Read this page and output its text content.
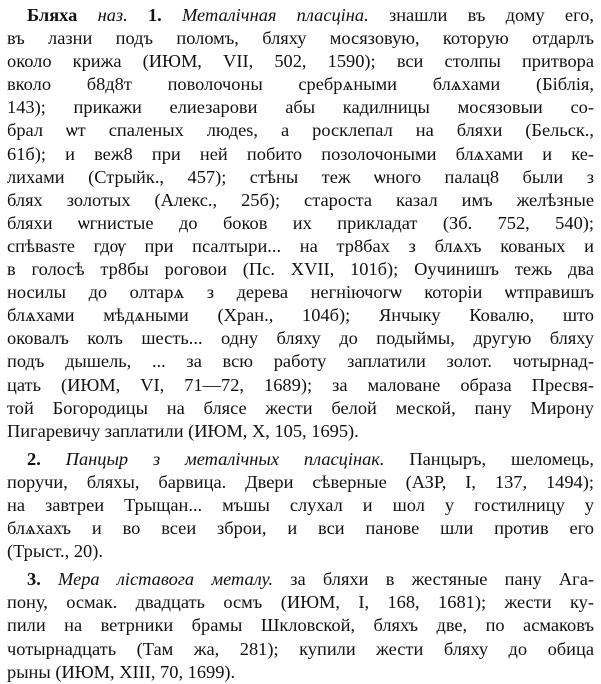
Бляха наз. 1. Металічная пласціна. знашли въ дому его,
въ лазни подъ поломъ, бляху мосязовую, которую отдарлъ
около крижа (ИЮМ, VII, 502, 1590); вси столпы притвора
вколо б8д8т поволочоны сребрѧными блѧхами (Біблія,
143); прикажи елиезарови абы кадилницы мосязовыи со-
брал ѡт спаленых людеѕ, а росклепал на бляхи (Бельск.,
61б); и веж8 при ней побито позолочоными блѧхами и ке-
лихами (Стрыйк., 457); стѣны теж ѡного палац8 были з
блях золотых (Алекс., 25б); староста казал имъ желѣзные
бляхи ѡгнистые до боков их прикладат (Зб. 752, 540);
спѣваѕте гдѹ при псалтыри... на тр8бах з блѧхъ кованых и
в голосѣ тр8бы роговои (Пс. XVII, 101б); Оучинишъ тежь два
носилы до олтарѧ з дерева негнiючогѡ которiи ѡтправишъ
блѧхами мѣдѧными (Хран., 104б); Янчыку Ковалю, што
оковалъ колъ шесть... одну бляху до подыймы, другую бляху
подъ дышель, ... за всю работу заплатили золот. чотырнад-
цать (ИЮМ, VI, 71—72, 1689); за маловане образа Пресвя-
той Богородицы на блясе жести белой меской, пану Мирону
Пигаревичу заплатили (ИЮМ, X, 105, 1695).
2. Панцыр з металічных пласцінак. Панцыръ, шеломець,
поручи, бляхы, барвица. Двери сѣверные (АЗР, I, 137, 1494);
на завтреи Трыщан... мъшы слухал и шол у гостилницу у
блѧхахъ и во всеи зброи, и вси панове шли против его
(Трыст., 20).
3. Мера ліставога металу. за бляхи в жестяные пану Ага-
пону, осмак. двадцать осмъ (ИЮМ, I, 168, 1681); жести ку-
пили на ветрники брамы Шкловской, бляхъ две, по асмаковъ
чотырнадцать (Там жа, 281); купили жести бляху до обица
рыны (ИЮМ, XIII, 70, 1699).
